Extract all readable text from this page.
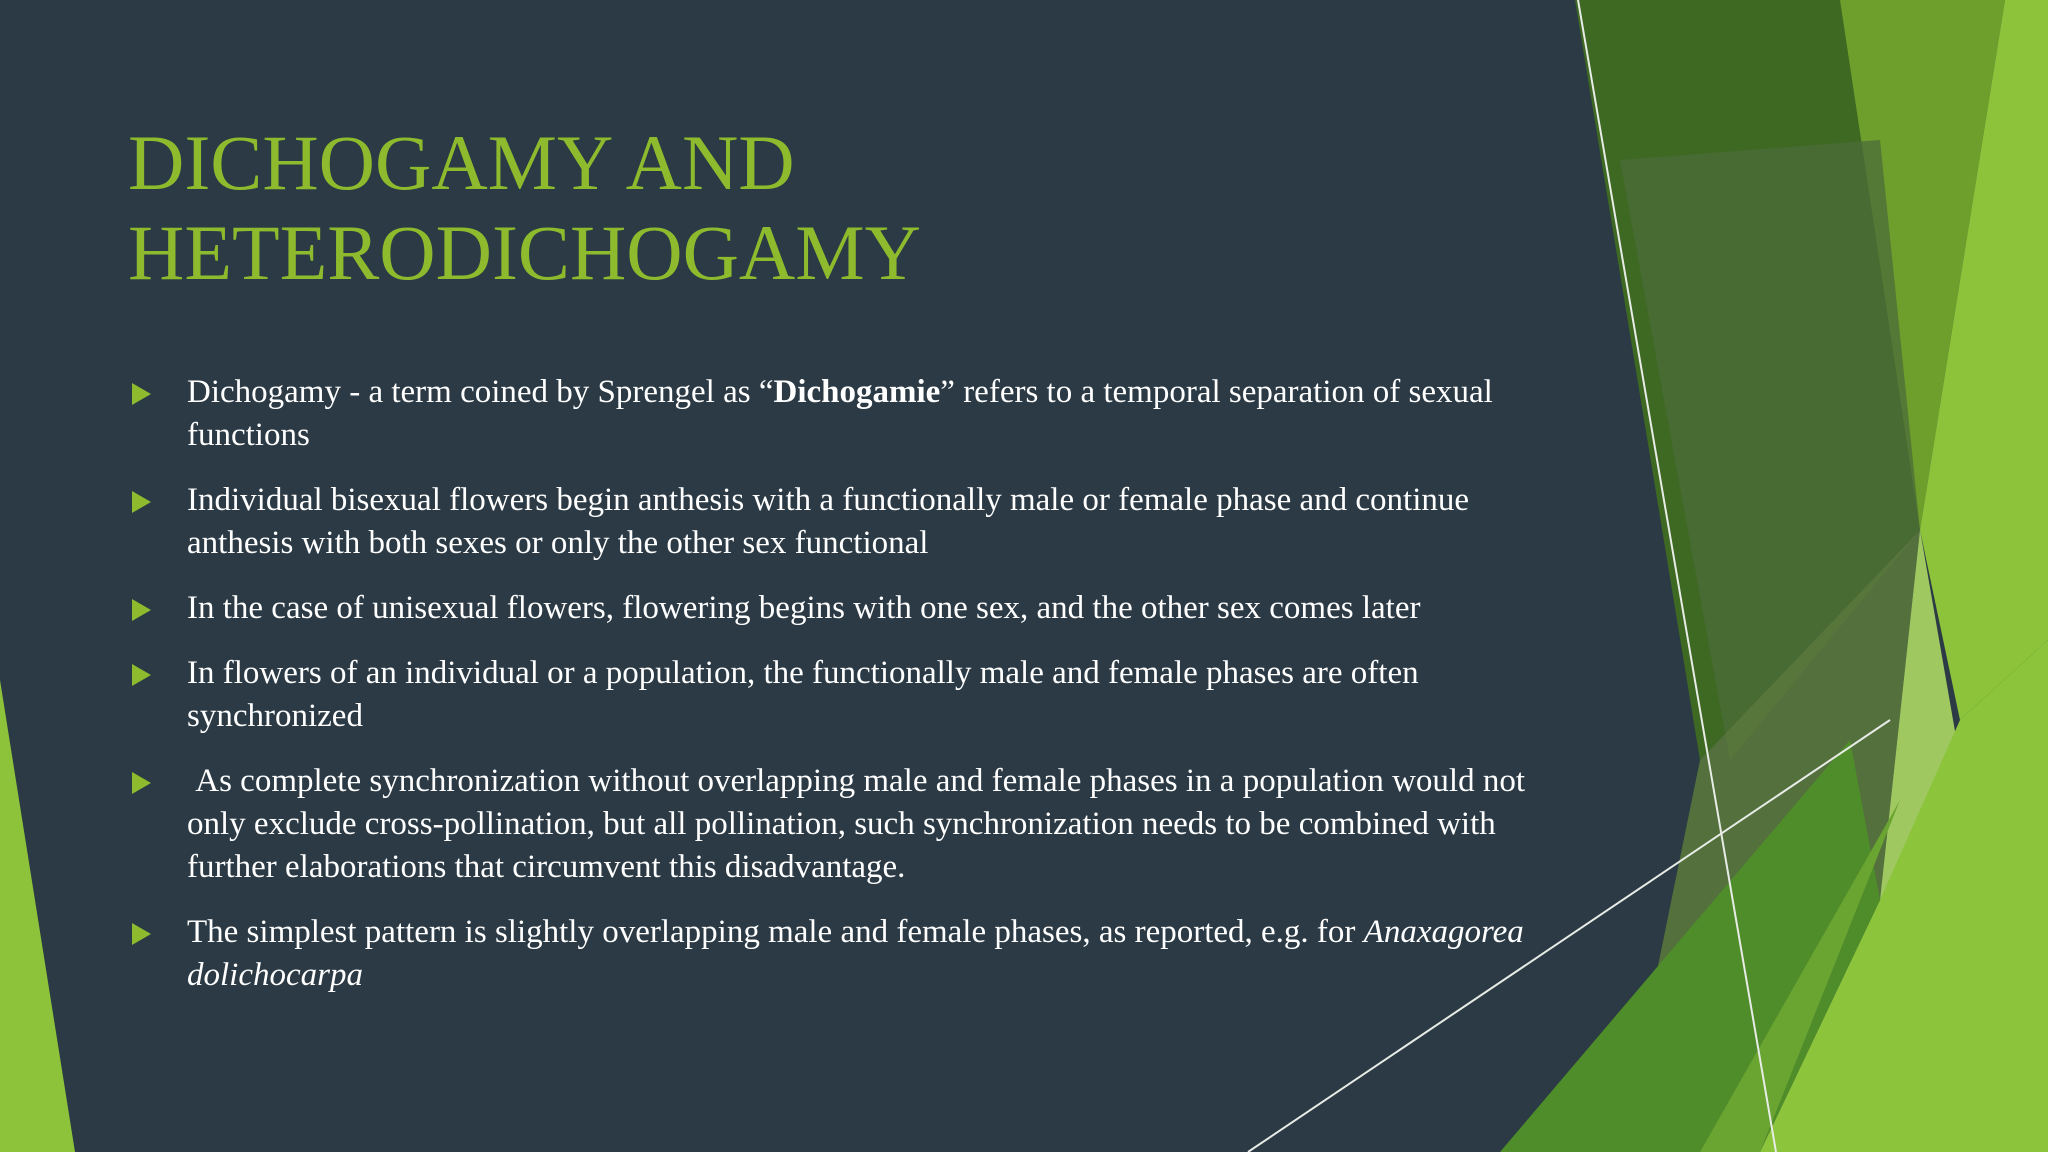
DICHOGAMY AND
HETERODICHOGAMY
Dichogamy - a term coined by Sprengel as “Dichogamie” refers to a temporal separation of sexual functions
Individual bisexual flowers begin anthesis with a functionally male or female phase and continue anthesis with both sexes or only the other sex functional
In the case of unisexual flowers, flowering begins with one sex, and the other sex comes later
In flowers of an individual or a population, the functionally male and female phases are often synchronized
As complete synchronization without overlapping male and female phases in a population would not only exclude cross-pollination, but all pollination, such synchronization needs to be combined with further elaborations that circumvent this disadvantage.
The simplest pattern is slightly overlapping male and female phases, as reported, e.g. for Anaxagorea dolichocarpa
